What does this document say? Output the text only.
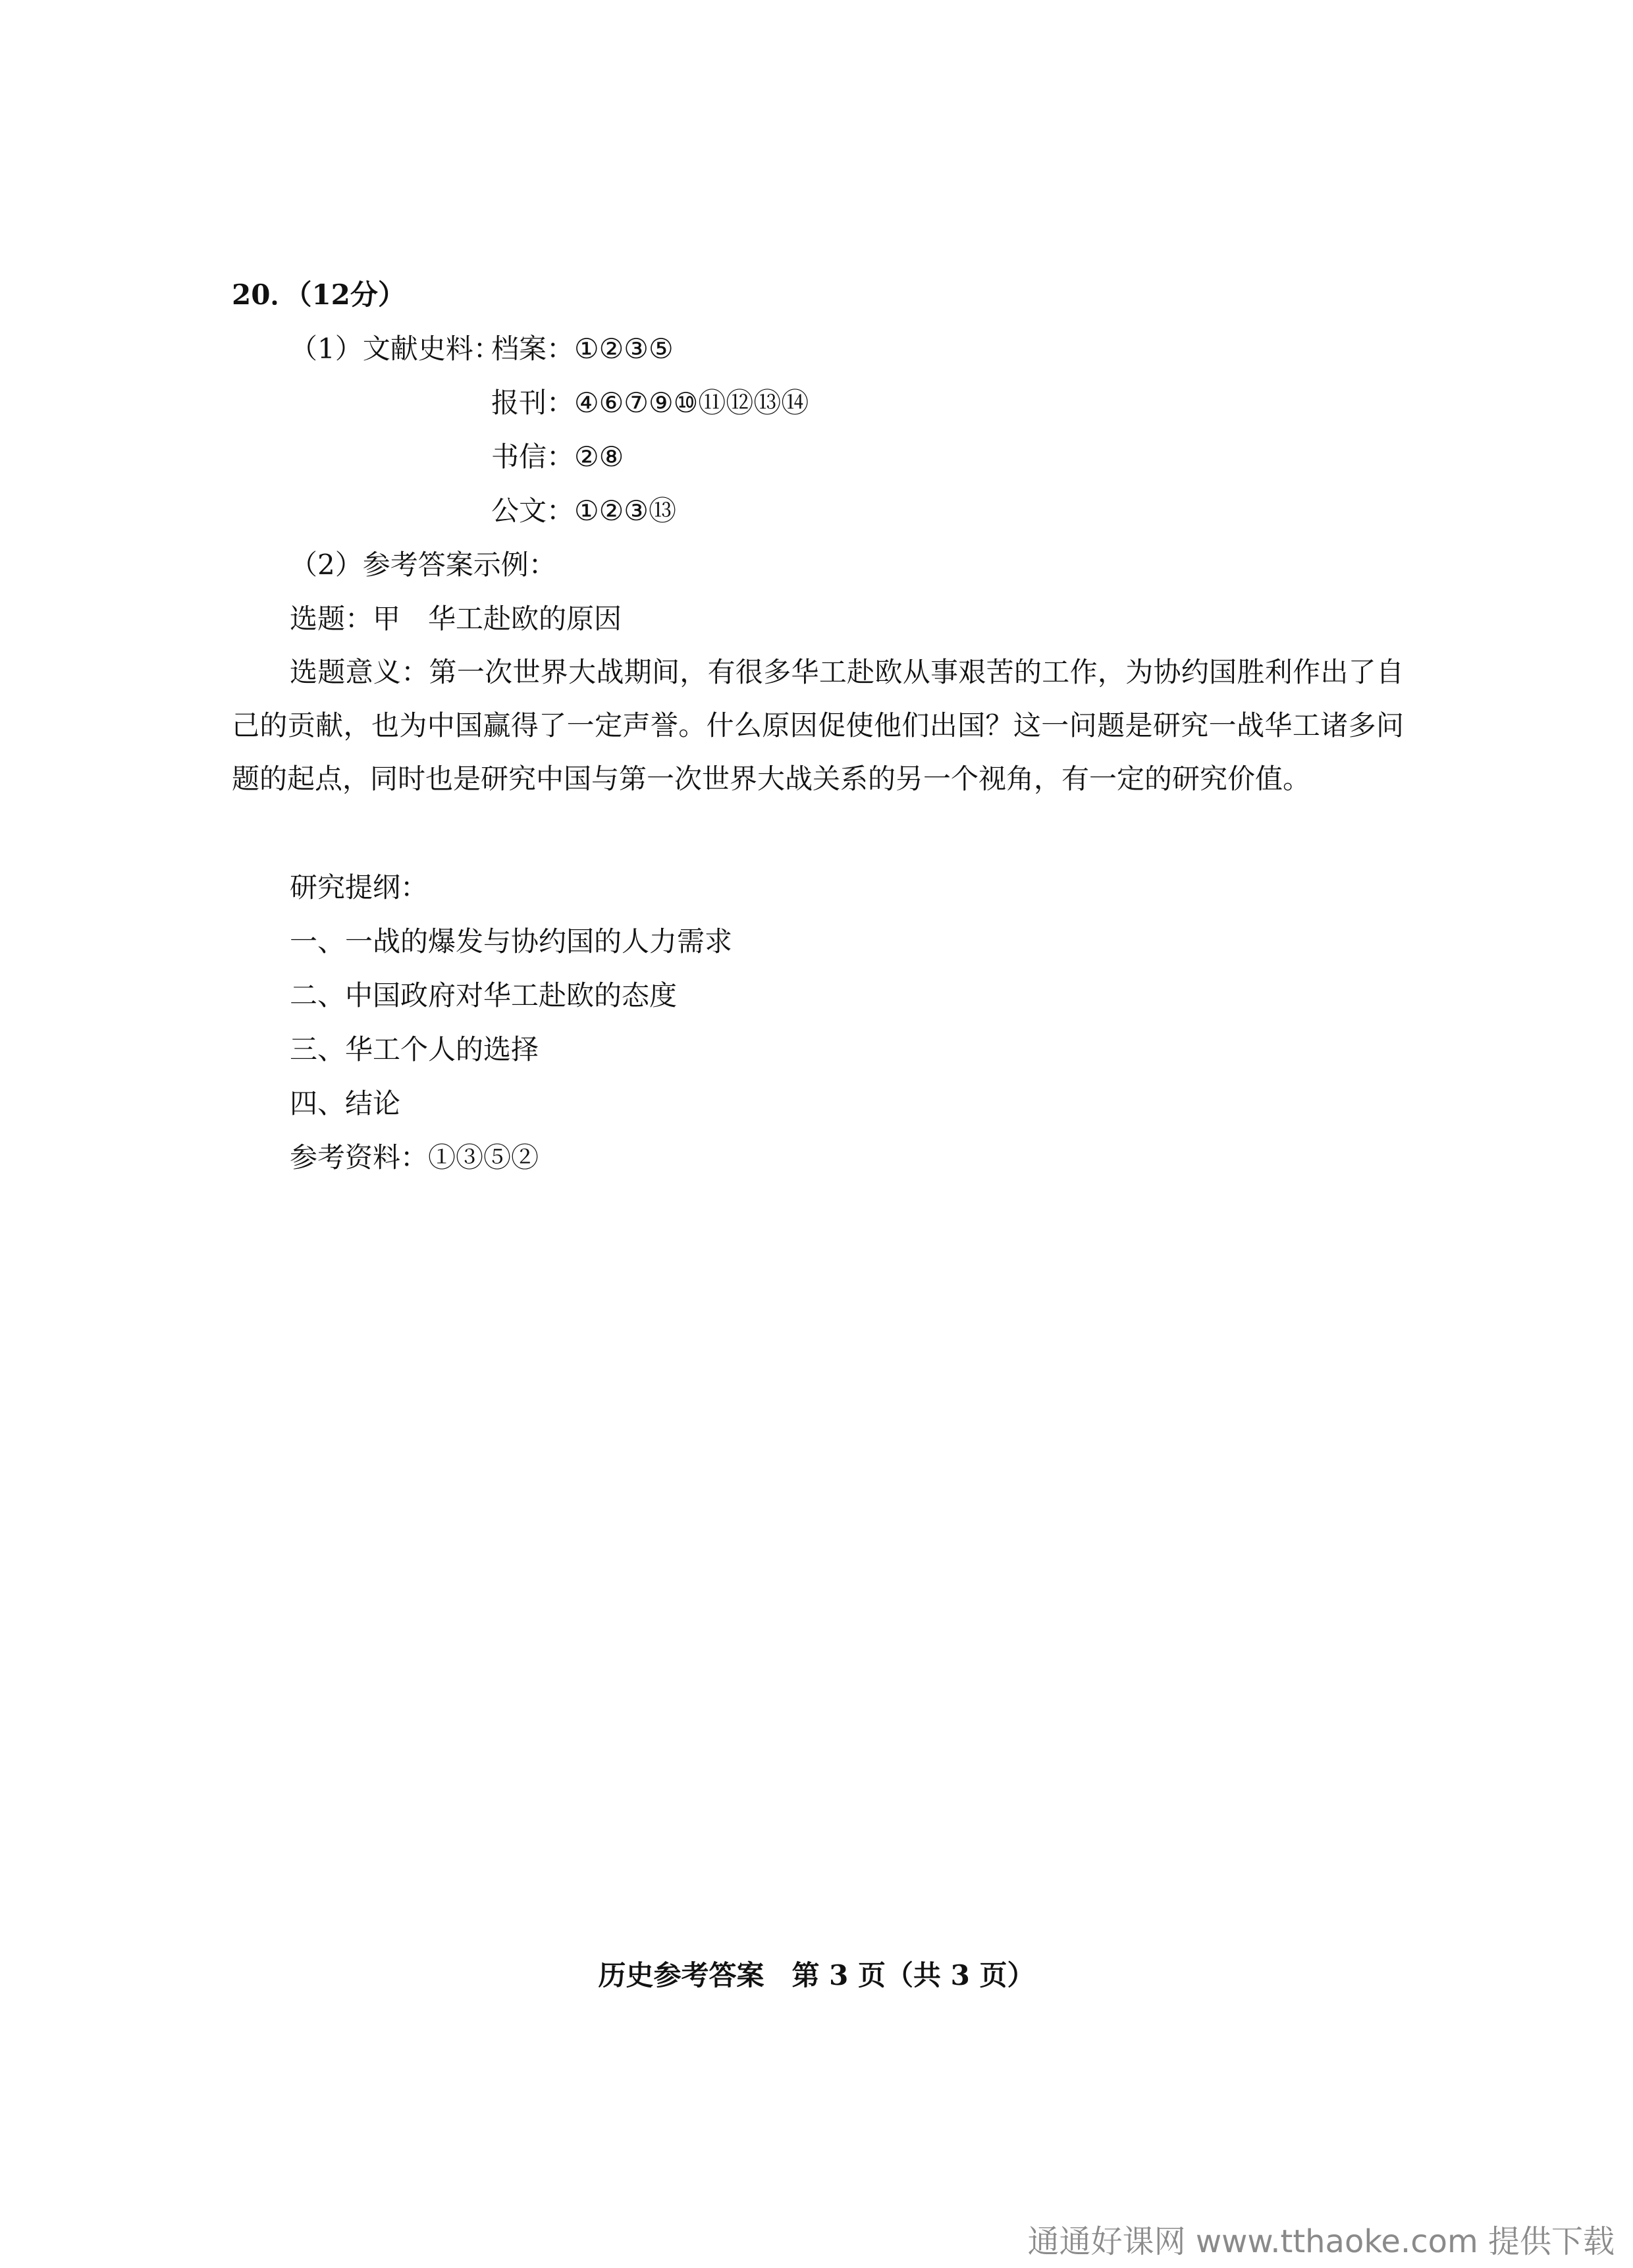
20．（12分）
（1）文献史料：
档案： ①②③⑤
报刊： ④⑥⑦⑨⑩⑪⑫⑬⑭
书信： ②⑧
公文： ①②③⑬
（2）参考答案示例：
选题：甲　华工赴欧的原因
选题意义：第一次世界大战期间，有很多华工赴欧从事艰苦的工作，为协约国胜利作出了自己的贡献，也为中国赢得了一定声誉。什么原因促使他们出国？这一问题是研究一战华工诸多问题的起点，同时也是研究中国与第一次世界大战关系的另一个视角，有一定的研究价值。
研究提纲：
一、一战的爆发与协约国的人力需求
二、中国政府对华工赴欧的态度
三、华工个人的选择
四、结论
参考资料：①③⑤②
历史参考答案　第 3 页（共 3 页）
通通好课网 www.tthaoke.com 提供下载
